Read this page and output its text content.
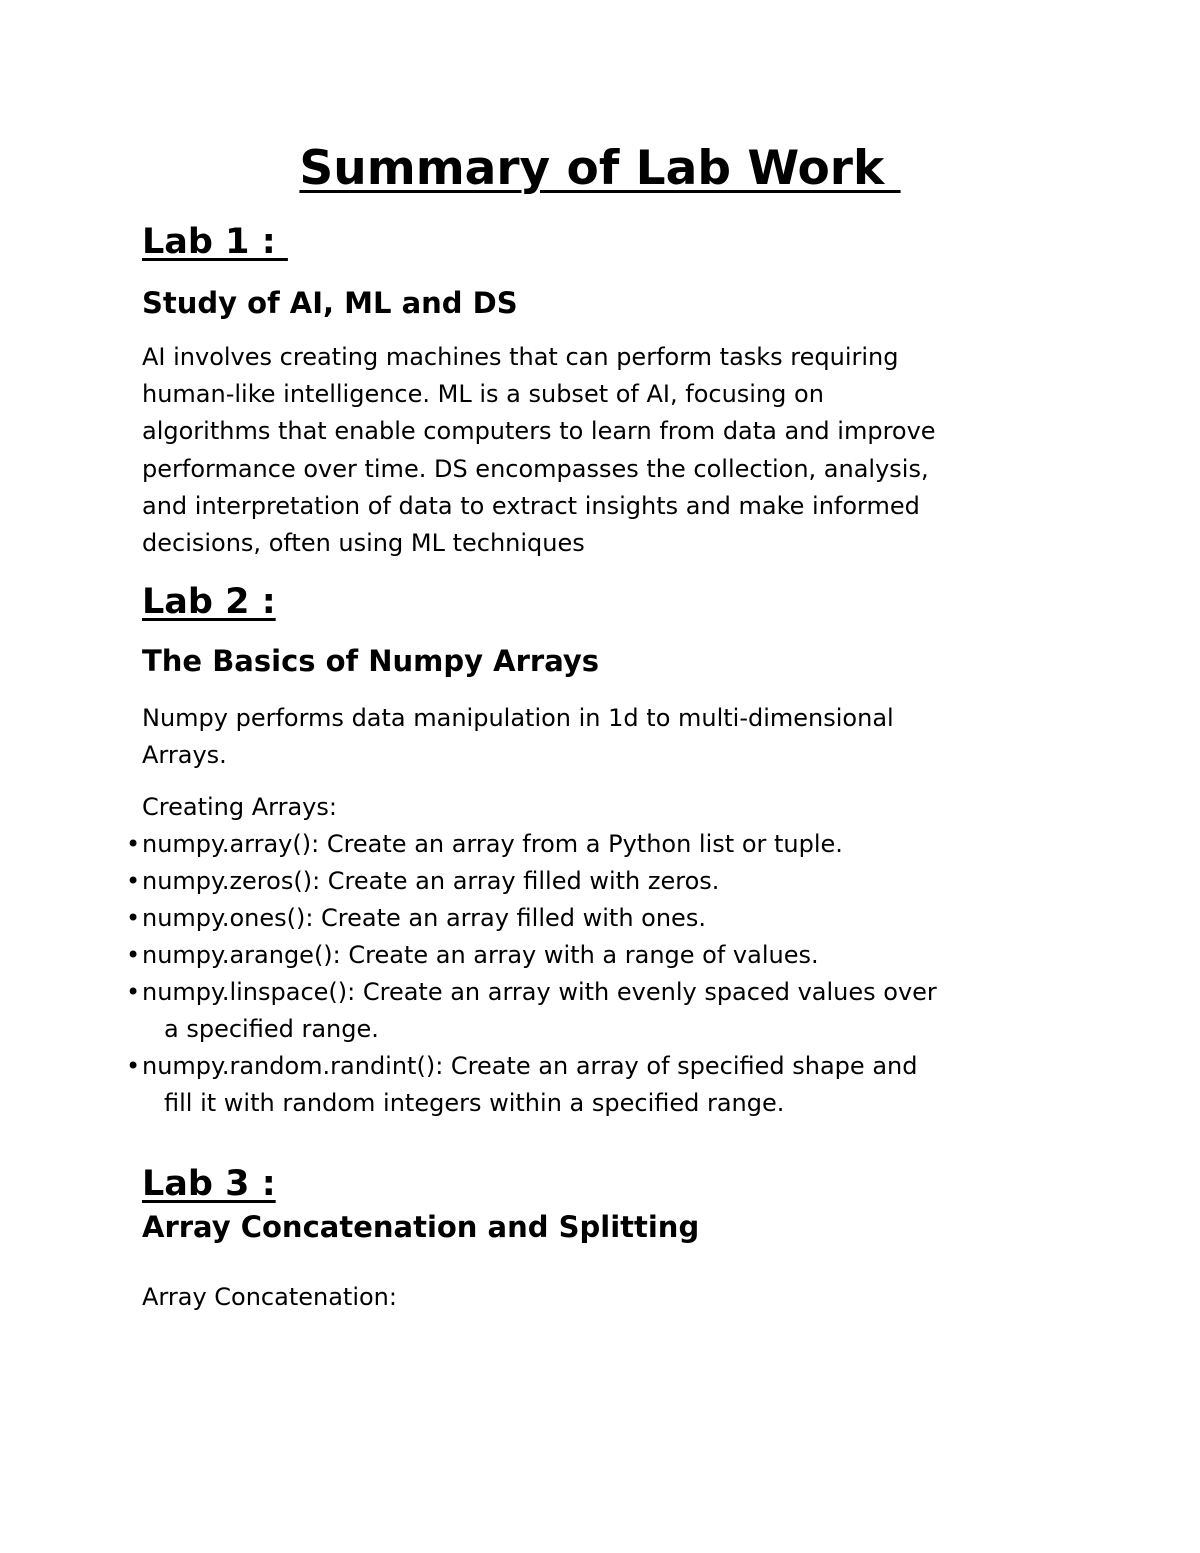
Summary of Lab Work
Lab 1 :
Study of AI, ML and DS
AI involves creating machines that can perform tasks requiring
human-like intelligence. ML is a subset of AI, focusing on
algorithms that enable computers to learn from data and improve
performance over time. DS encompasses the collection, analysis,
and interpretation of data to extract insights and make informed
decisions, often using ML techniques
Lab 2 :
The Basics of Numpy Arrays
Numpy performs data manipulation in 1d to multi-dimensional
Arrays.

Creating Arrays:

• numpy.array(): Create an array from a Python list or tuple.
• numpy.zeros(): Create an array filled with zeros.
• numpy.ones(): Create an array filled with ones.
• numpy.arange(): Create an array with a range of values.
• numpy.linspace(): Create an array with evenly spaced values over
a specified range.
• numpy.random.randint(): Create an array of specified shape and
fill it with random integers within a specified range.
Lab 3 :
Array Concatenation and Splitting

Array Concatenation:
